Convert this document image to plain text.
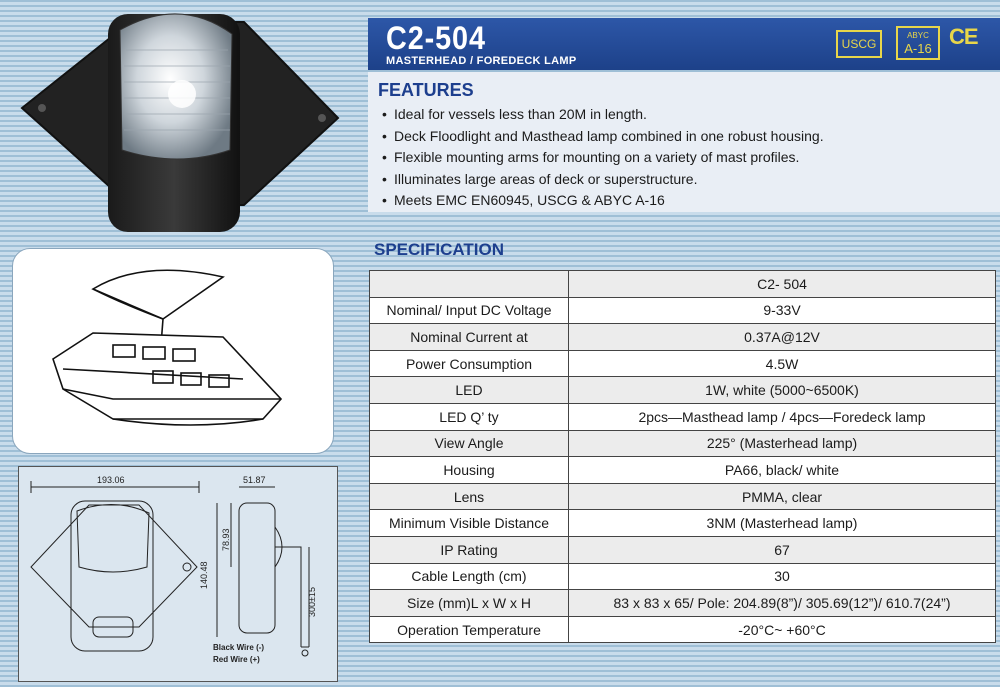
C2-504
MASTERHEAD / FOREDECK LAMP
USCG
ABYC
A-16 CE
FEATURES
• Ideal for vessels less than 20M in length.
• Deck Floodlight and Masthead lamp combined in one robust housing.
• Flexible mounting arms for mounting on a variety of mast profiles.
• Illuminates large areas of deck or superstructure.
• Meets EMC EN60945, USCG & ABYC A-16
193.06	51.87
140.48
78.93
300±15
Black Wire (-)
Red Wire (+)
SPECIFICATION
	C2- 504
Nominal/ Input DC Voltage	9-33V
Nominal Current at	0.37A@12V
Power Consumption	4.5W
LED	1W, white (5000~6500K)
LED Q’ ty	2pcs—Masthead lamp / 4pcs—Foredeck lamp
View Angle	225° (Masterhead lamp)
Housing	PA66, black/ white
Lens	PMMA, clear
Minimum Visible Distance	3NM (Masterhead lamp)
IP Rating	67
Cable Length (cm)	30
Size (mm)L x W x H	83 x 83 x 65/ Pole: 204.89(8”)/ 305.69(12”)/ 610.7(24”)
Operation Temperature	-20°C~ +60°C
